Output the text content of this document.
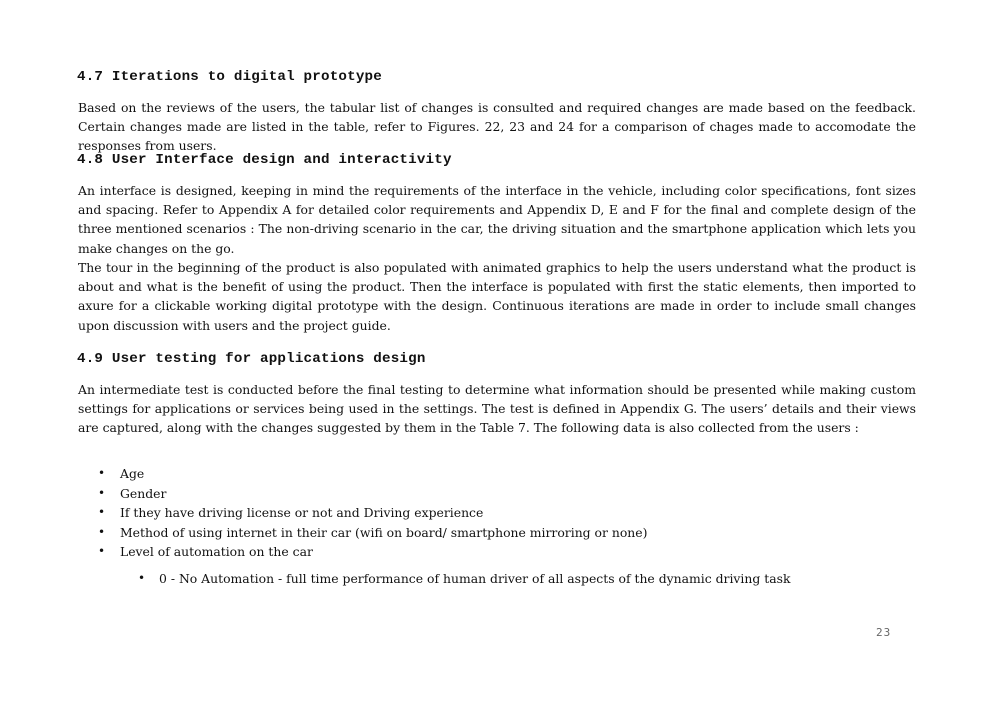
4.7 Iterations to digital prototype

Based on the reviews of the users, the tabular list of changes is consulted and required changes are made based on the feedback. Certain changes made are listed in the table, refer to Figures. 22, 23 and 24 for a comparison of chages made to accomodate the responses from users.

4.8 User Interface design and interactivity

An interface is designed, keeping in mind the requirements of the interface in the vehicle, including color specifications, font sizes and spacing. Refer to Appendix A for detailed color requirements and Appendix D, E and F for the final and complete design of the three mentioned scenarios : The non-driving scenario in the car, the driving situation and the smartphone application which lets you make changes on the go.

The tour in the beginning of the product is also populated with animated graphics to help the users understand what the product is about and what is the benefit of using the product. Then the interface is populated with first the static elements, then imported to axure for a clickable working digital prototype with the design. Continuous iterations are made in order to include small changes upon discussion with users and the project guide.

4.9 User testing for applications design

An intermediate test is conducted before the final testing to determine what information should be presented while making custom settings for applications or services being used in the settings. The test is defined in Appendix G. The users’ details and their views are captured, along with the changes suggested by them in the Table 7. The following data is also collected from the users :

• Age
• Gender
• If they have driving license or not and Driving experience
• Method of using internet in their car (wifi on board/ smartphone mirroring or none)
• Level of automation on the car
• 0 - No Automation - full time performance of human driver of all aspects of the dynamic driving task
23
